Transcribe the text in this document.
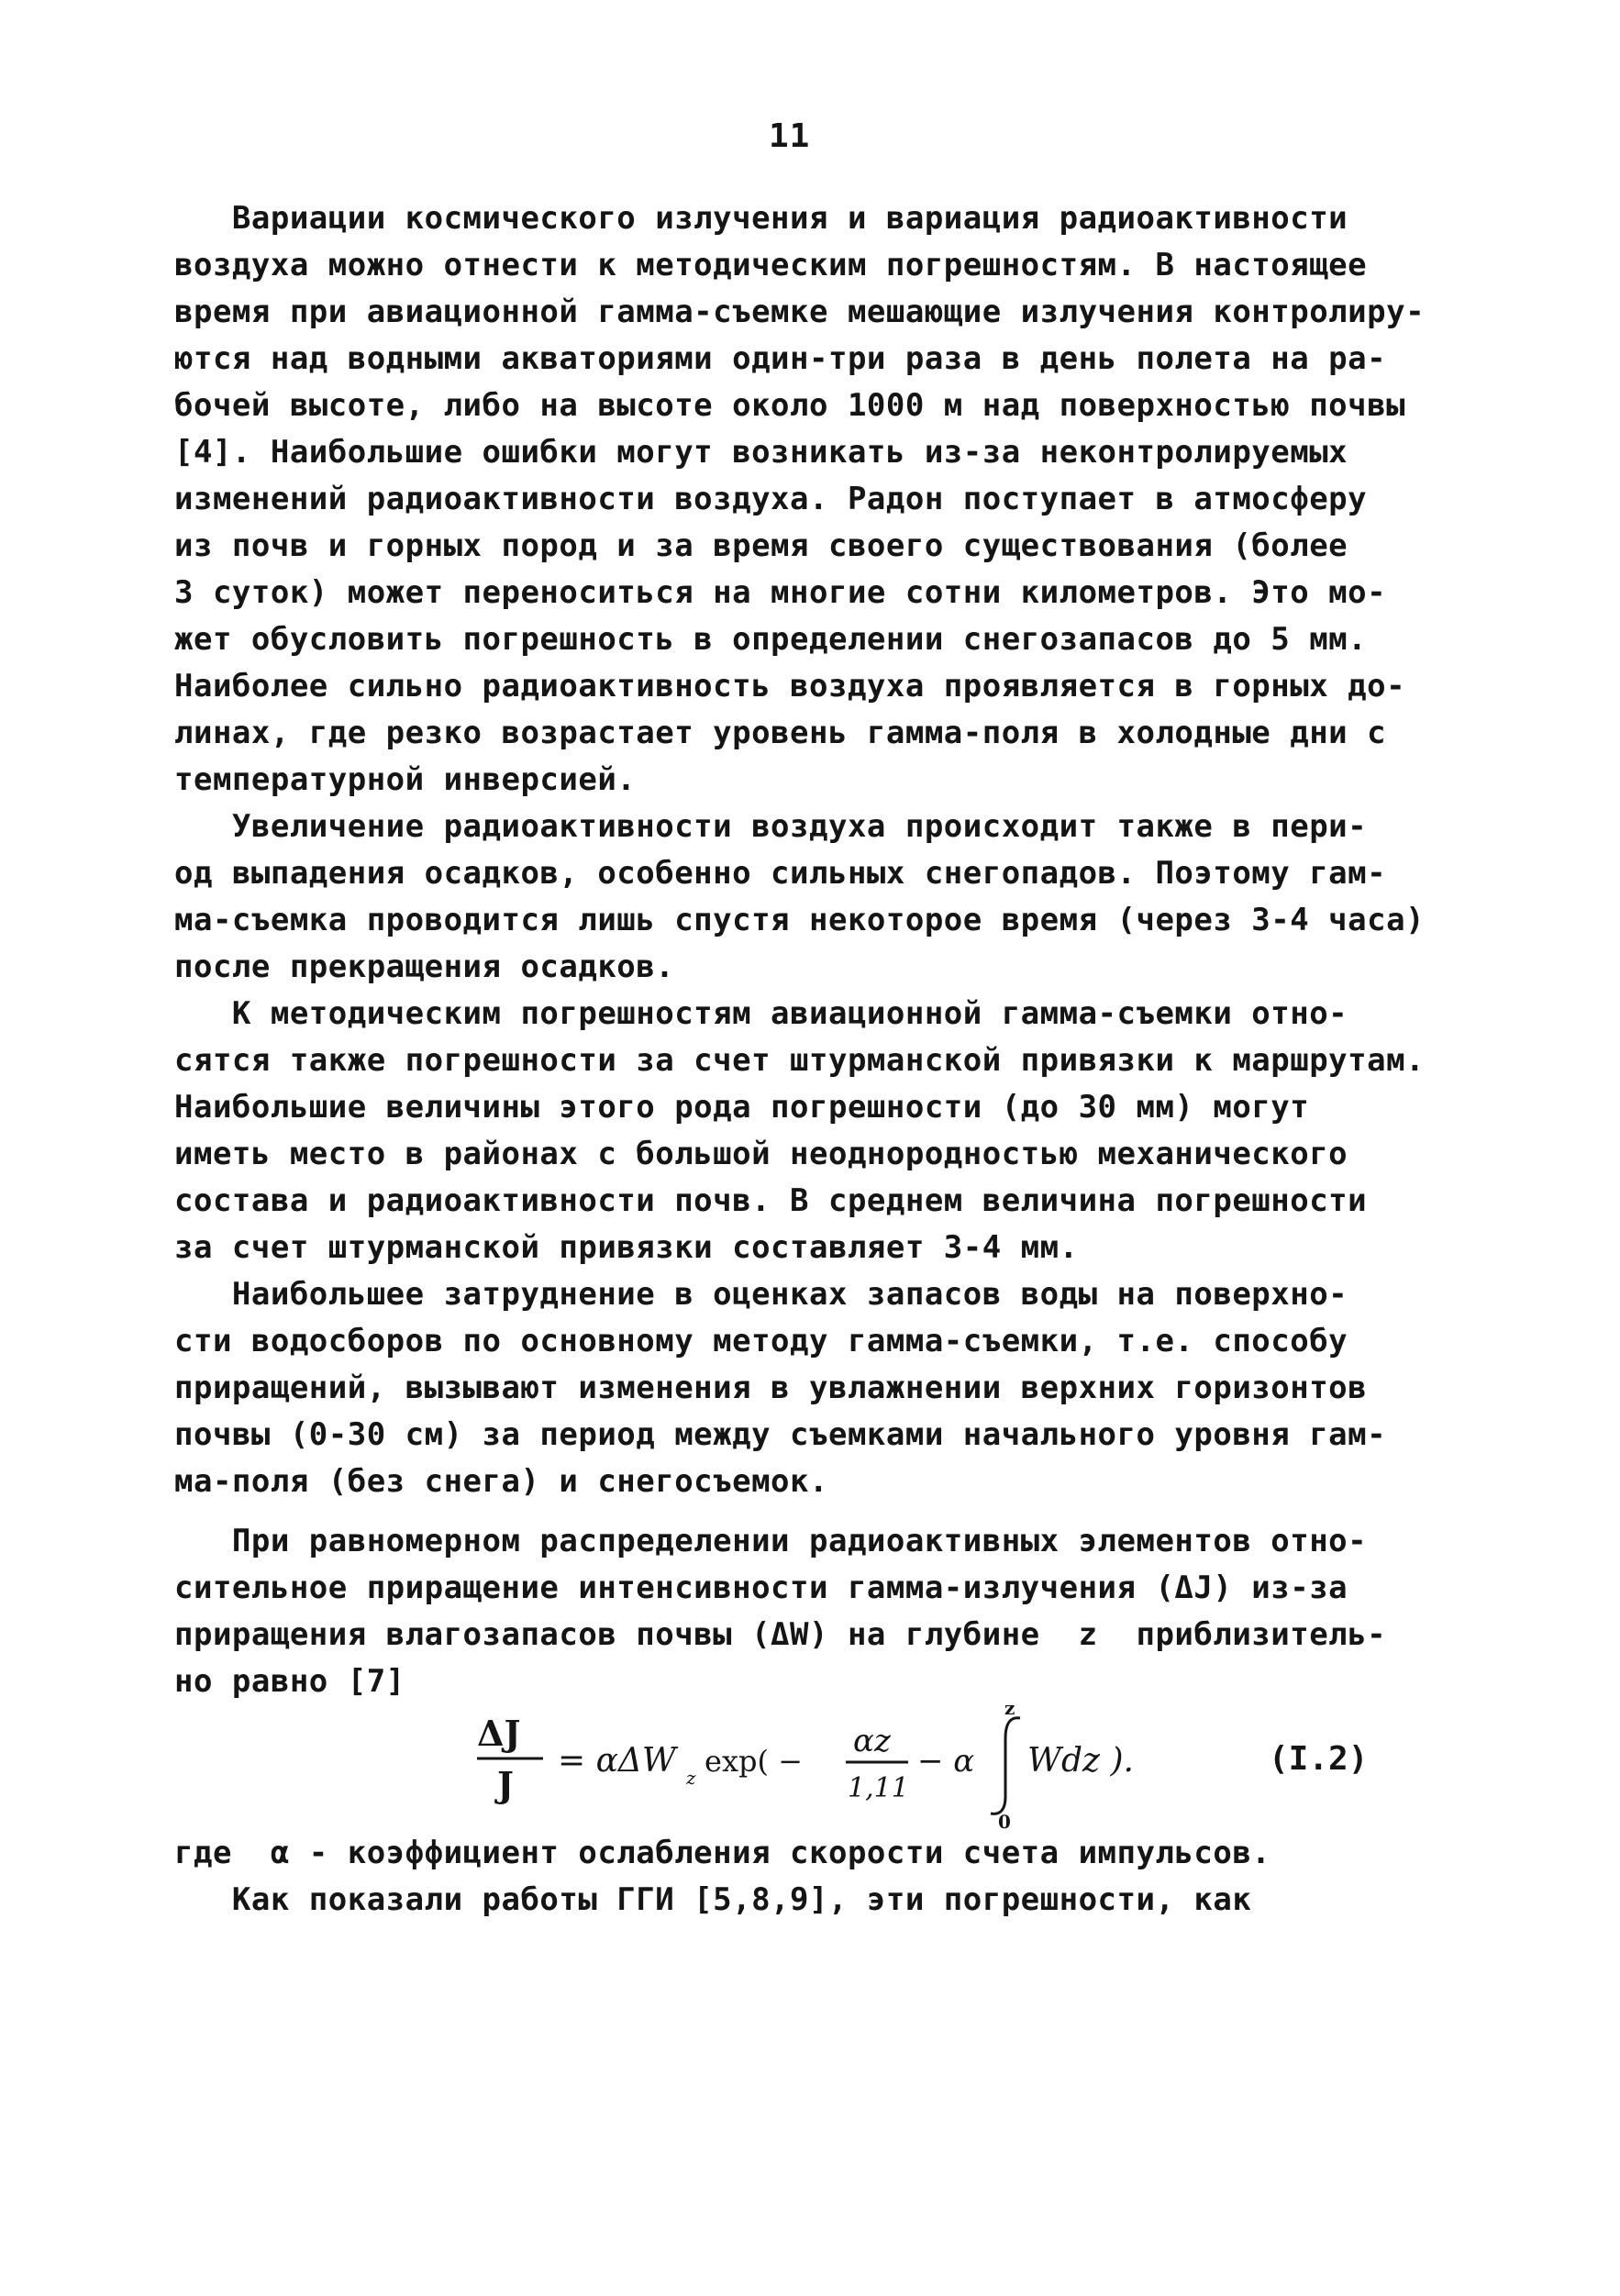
11
Вариации космического излучения и вариация радиоактивности
воздуха можно отнести к методическим погрешностям. В настоящее
время при авиационной гамма-съемке мешающие излучения контролиру-
ются над водными акваториями один-три раза в день полета на ра-
бочей высоте, либо на высоте около 1000 м над поверхностью почвы
[4]. Наибольшие ошибки могут возникать из-за неконтролируемых
изменений радиоактивности воздуха. Радон поступает в атмосферу
из почв и горных пород и за время своего существования (более
3 суток) может переноситься на многие сотни километров. Это мо-
жет обусловить погрешность в определении снегозапасов до 5 мм.
Наиболее сильно радиоактивность воздуха проявляется в горных до-
линах, где резко возрастает уровень гамма-поля в холодные дни с
температурной инверсией.
Увеличение радиоактивности воздуха происходит также в пери-
од выпадения осадков, особенно сильных снегопадов. Поэтому гам-
ма-съемка проводится лишь спустя некоторое время (через 3-4 часа)
после прекращения осадков.
К методическим погрешностям авиационной гамма-съемки отно-
сятся также погрешности за счет штурманской привязки к маршрутам.
Наибольшие величины этого рода погрешности (до 30 мм) могут
иметь место в районах с большой неоднородностью механического
состава и радиоактивности почв. В среднем величина погрешности
за счет штурманской привязки составляет 3-4 мм.
Наибольшее затруднение в оценках запасов воды на поверхно-
сти водосборов по основному методу гамма-съемки, т.е. способу
приращений, вызывают изменения в увлажнении верхних горизонтов
почвы (0-30 см) за период между съемками начального уровня гам-
ма-поля (без снега) и снегосъемок.
При равномерном распределении радиоактивных элементов отно-
сительное приращение интенсивности гамма-излучения (ΔJ) из-за
приращения влагозапасов почвы (ΔW) на глубине  z  приблизитель-
но равно [7]
ΔJ
J
= αΔW z exp( −
αz
1,11
− α
z
0
Wdz ).	(I.2)
где  α - коэффициент ослабления скорости счета импульсов.
Как показали работы ГГИ [5,8,9], эти погрешности, как
